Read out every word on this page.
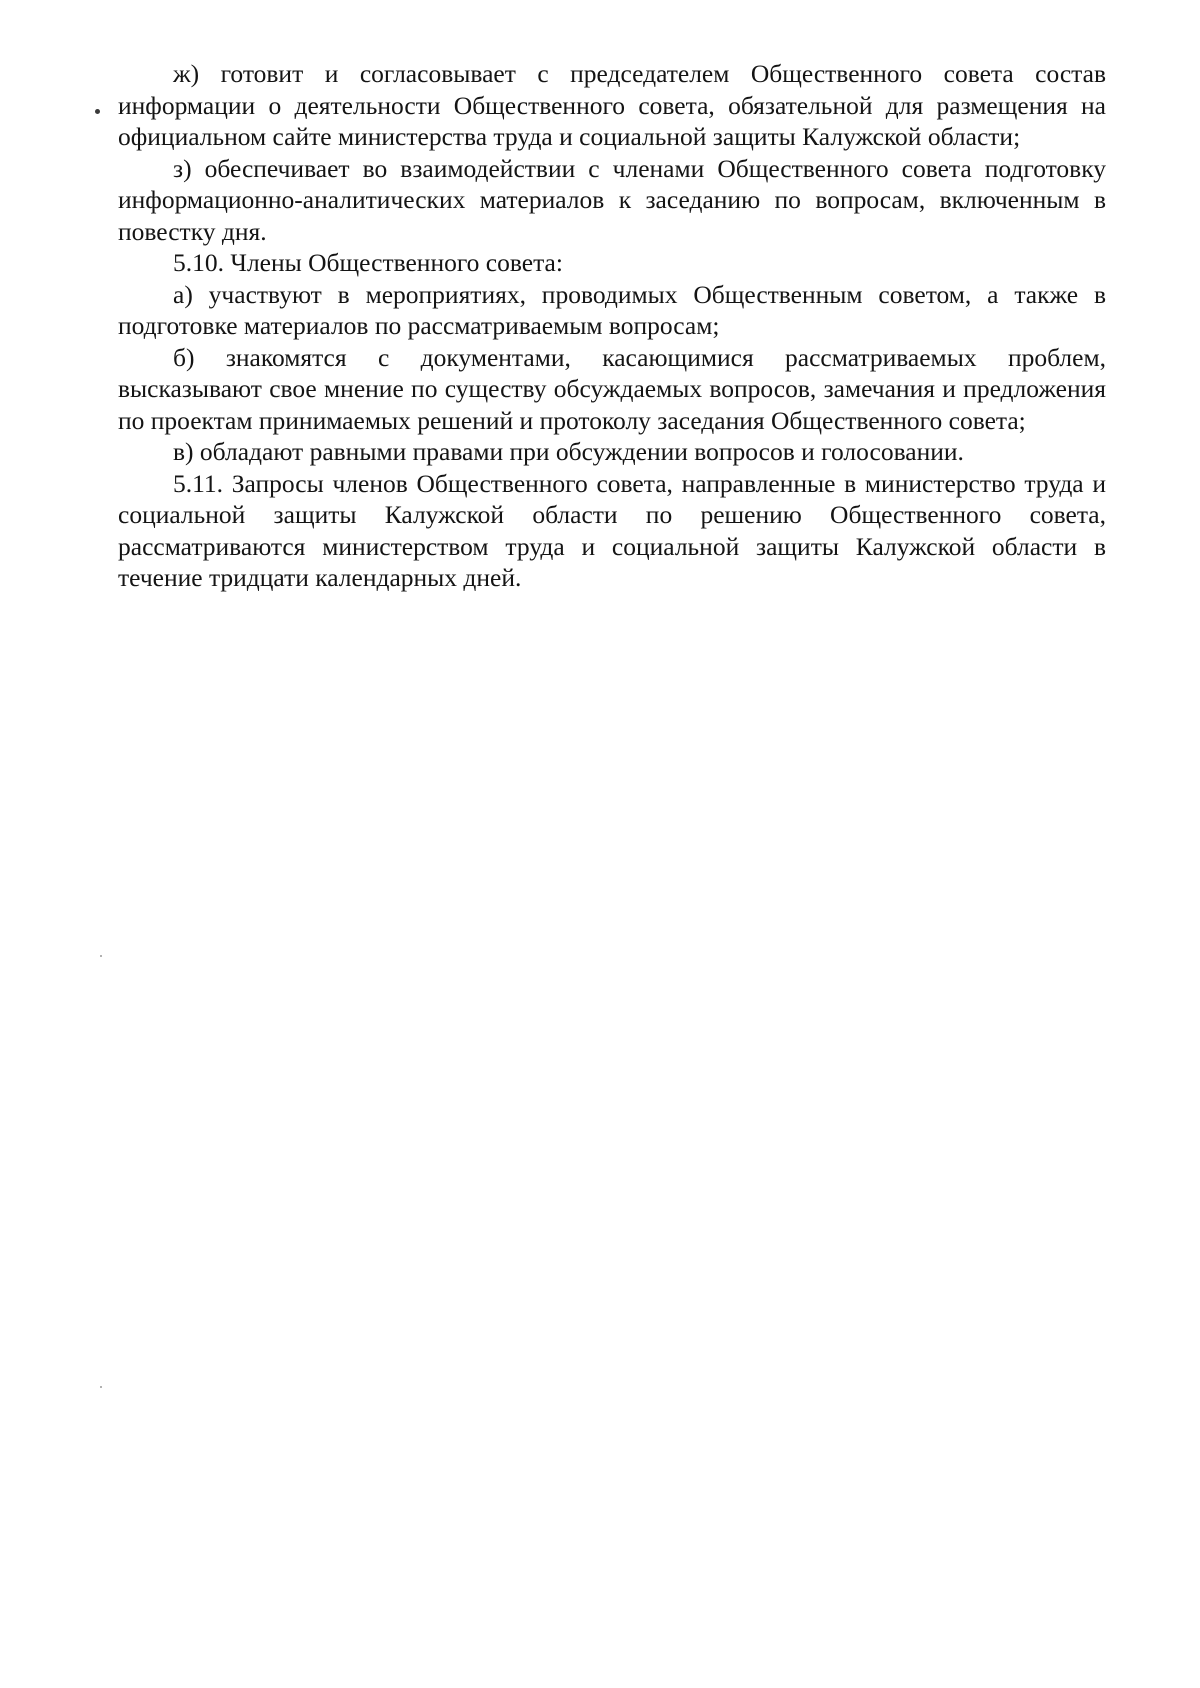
ж) готовит и согласовывает с председателем Общественного совета состав информации о деятельности Общественного совета, обязательной для размещения на официальном сайте министерства труда и социальной защиты Калужской области;

з) обеспечивает во взаимодействии с членами Общественного совета подготовку информационно-аналитических материалов к заседанию по вопросам, включенным в повестку дня.

5.10. Члены Общественного совета:

а) участвуют в мероприятиях, проводимых Общественным советом, а также в подготовке материалов по рассматриваемым вопросам;

б) знакомятся с документами, касающимися рассматриваемых проблем, высказывают свое мнение по существу обсуждаемых вопросов, замечания и предложения по проектам принимаемых решений и протоколу заседания Общественного совета;

в) обладают равными правами при обсуждении вопросов и голосовании.

5.11. Запросы членов Общественного совета, направленные в министерство труда и социальной защиты Калужской области по решению Общественного совета, рассматриваются министерством труда и социальной защиты Калужской области в течение тридцати календарных дней.
